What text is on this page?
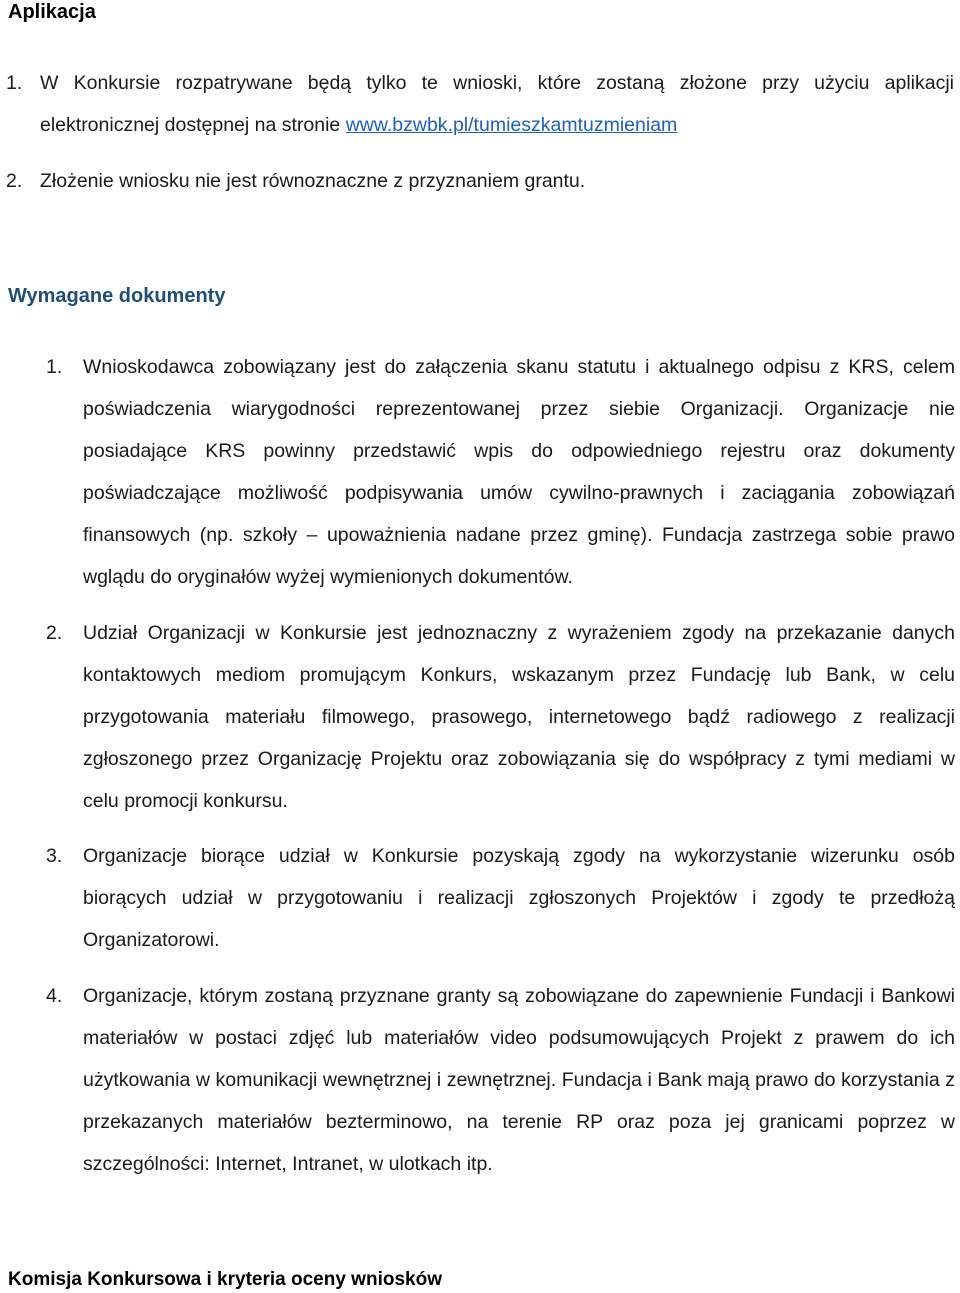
Aplikacja
1. W Konkursie rozpatrywane będą tylko te wnioski, które zostaną złożone przy użyciu aplikacji elektronicznej dostępnej na stronie www.bzwbk.pl/tumieszkamtuzmieniam
2. Złożenie wniosku nie jest równoznaczne z przyznaniem grantu.
Wymagane dokumenty
1. Wnioskodawca zobowiązany jest do załączenia skanu statutu i aktualnego odpisu z KRS, celem poświadczenia wiarygodności reprezentowanej przez siebie Organizacji. Organizacje nie posiadające KRS powinny przedstawić wpis do odpowiedniego rejestru oraz dokumenty poświadczające możliwość podpisywania umów cywilno-prawnych i zaciągania zobowiązań finansowych (np. szkoły – upoważnienia nadane przez gminę). Fundacja zastrzega sobie prawo wglądu do oryginałów wyżej wymienionych dokumentów.
2. Udział Organizacji w Konkursie jest jednoznaczny z wyrażeniem zgody na przekazanie danych kontaktowych mediom promującym Konkurs, wskazanym przez Fundację lub Bank, w celu przygotowania materiału filmowego, prasowego, internetowego bądź radiowego z realizacji zgłoszonego przez Organizację Projektu oraz zobowiązania się do współpracy z tymi mediami w celu promocji konkursu.
3. Organizacje biorące udział w Konkursie pozyskają zgody na wykorzystanie wizerunku osób biorących udział w przygotowaniu i realizacji zgłoszonych Projektów i zgody te przedłożą Organizatorowi.
4. Organizacje, którym zostaną przyznane granty są zobowiązane do zapewnienie Fundacji i Bankowi materiałów w postaci zdjęć lub materiałów video podsumowujących Projekt z prawem do ich użytkowania w komunikacji wewnętrznej i zewnętrznej. Fundacja i Bank mają prawo do korzystania z przekazanych materiałów bezterminowo, na terenie RP oraz poza jej granicami poprzez w szczególności: Internet, Intranet, w ulotkach itp.
Komisja Konkursowa i kryteria oceny wniosków
